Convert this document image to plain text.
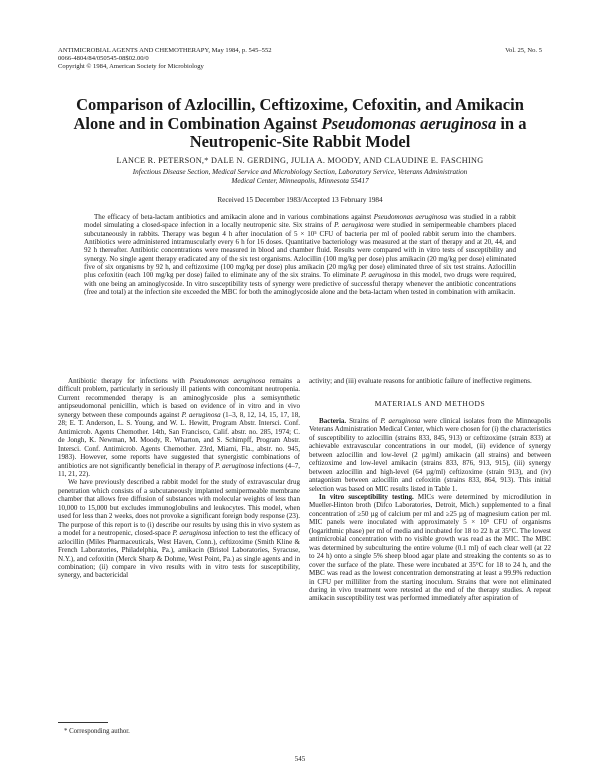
ANTIMICROBIAL AGENTS AND CHEMOTHERAPY, May 1984, p. 545–552
0066-4804/84/050545-08$02.00/0
Copyright © 1984, American Society for Microbiology
Vol. 25, No. 5
Comparison of Azlocillin, Ceftizoxime, Cefoxitin, and Amikacin
Alone and in Combination Against Pseudomonas aeruginosa in a
Neutropenic-Site Rabbit Model
LANCE R. PETERSON,* DALE N. GERDING, JULIA A. MOODY, AND CLAUDINE E. FASCHING
Infectious Disease Section, Medical Service and Microbiology Section, Laboratory Service, Veterans Administration
Medical Center, Minneapolis, Minnesota 55417
Received 15 December 1983/Accepted 13 February 1984
The efficacy of beta-lactam antibiotics and amikacin alone and in various combinations against Pseudomonas aeruginosa was studied in a rabbit model simulating a closed-space infection in a locally neutropenic site. Six strains of P. aeruginosa were studied in semipermeable chambers placed subcutaneously in rabbits. Therapy was begun 4 h after inoculation of 5 × 10⁵ CFU of bacteria per ml of pooled rabbit serum into the chambers. Antibiotics were administered intramuscularly every 6 h for 16 doses. Quantitative bacteriology was measured at the start of therapy and at 20, 44, and 92 h thereafter. Antibiotic concentrations were measured in blood and chamber fluid. Results were compared with in vitro tests of susceptibility and synergy. No single agent therapy eradicated any of the six test organisms. Azlocillin (100 mg/kg per dose) plus amikacin (20 mg/kg per dose) eliminated five of six organisms by 92 h, and ceftizoxime (100 mg/kg per dose) plus amikacin (20 mg/kg per dose) eliminated three of six test strains. Azlocillin plus cefoxitin (each 100 mg/kg per dose) failed to eliminate any of the six strains. To eliminate P. aeruginosa in this model, two drugs were required, with one being an aminoglycoside. In vitro susceptibility tests of synergy were predictive of successful therapy whenever the antibiotic concentrations (free and total) at the infection site exceeded the MBC for both the aminoglycoside alone and the beta-lactam when tested in combination with amikacin.

Antibiotic therapy for infections with Pseudomonas aeruginosa remains a difficult problem, particularly in seriously ill patients with concomitant neutropenia. Current recommended therapy is an aminoglycoside plus a semisynthetic antipseudomonal penicillin, which is based on evidence of in vitro and in vivo synergy between these compounds against P. aeruginosa (1–3, 8, 12, 14, 15, 17, 18, 28; E. T. Anderson, L. S. Young, and W. L. Hewitt, Program Abstr. Intersci. Conf. Antimicrob. Agents Chemother. 14th, San Francisco, Calif. abstr. no. 285, 1974; C. de Jongh, K. Newman, M. Moody, R. Wharton, and S. Schimpff, Program Abstr. Intersci. Conf. Antimicrob. Agents Chemother. 23rd, Miami, Fla., abstr. no. 945, 1983). However, some reports have suggested that synergistic combinations of antibiotics are not significantly beneficial in therapy of P. aeruginosa infections (4–7, 11, 21, 22).

We have previously described a rabbit model for the study of extravascular drug penetration which consists of a subcutaneously implanted semipermeable membrane chamber that allows free diffusion of substances with molecular weights of less than 10,000 to 15,000 but excludes immunoglobulins and leukocytes. This model, when used for less than 2 weeks, does not provoke a significant foreign body response (23). The purpose of this report is to (i) describe our results by using this in vivo system as a model for a neutropenic, closed-space P. aeruginosa infection to test the efficacy of azlocillin (Miles Pharmaceuticals, West Haven, Conn.), ceftizoxime (Smith Kline & French Laboratories, Philadelphia, Pa.), amikacin (Bristol Laboratories, Syracuse, N.Y.), and cefoxitin (Merck Sharp & Dohme, West Point, Pa.) as single agents and in combination; (ii) compare in vivo results with in vitro tests for susceptibility, synergy, and bactericidal

activity; and (iii) evaluate reasons for antibiotic failure of ineffective regimens.

MATERIALS AND METHODS

Bacteria. Strains of P. aeruginosa were clinical isolates from the Minneapolis Veterans Administration Medical Center, which were chosen for (i) the characteristics of susceptibility to azlocillin (strains 833, 845, 913) or ceftizoxime (strain 833) at achievable extravascular concentrations in our model, (ii) evidence of synergy between azlocillin and low-level (2 µg/ml) amikacin (all strains) and between ceftizoxime and low-level amikacin (strains 833, 876, 913, 915), (iii) synergy between azlocillin and high-level (64 µg/ml) ceftizoxime (strain 913), and (iv) antagonism between azlocillin and cefoxitin (strains 833, 864, 913). This initial selection was based on MIC results listed in Table 1.

In vitro susceptibility testing. MICs were determined by microdilution in Mueller-Hinton broth (Difco Laboratories, Detroit, Mich.) supplemented to a final concentration of ≥50 µg of calcium per ml and ≥25 µg of magnesium cation per ml. MIC panels were inoculated with approximately 5 × 10⁵ CFU of organisms (logarithmic phase) per ml of media and incubated for 18 to 22 h at 35°C. The lowest antimicrobial concentration with no visible growth was read as the MIC. The MBC was determined by subculturing the entire volume (0.1 ml) of each clear well (at 22 to 24 h) onto a single 5% sheep blood agar plate and streaking the contents so as to cover the surface of the plate. These were incubated at 35°C for 18 to 24 h, and the MBC was read as the lowest concentration demonstrating at least a 99.9% reduction in CFU per milliliter from the starting inoculum. Strains that were not eliminated during in vivo treatment were retested at the end of the therapy studies. A repeat amikacin susceptibility test was performed immediately after aspiration of

* Corresponding author.
545
